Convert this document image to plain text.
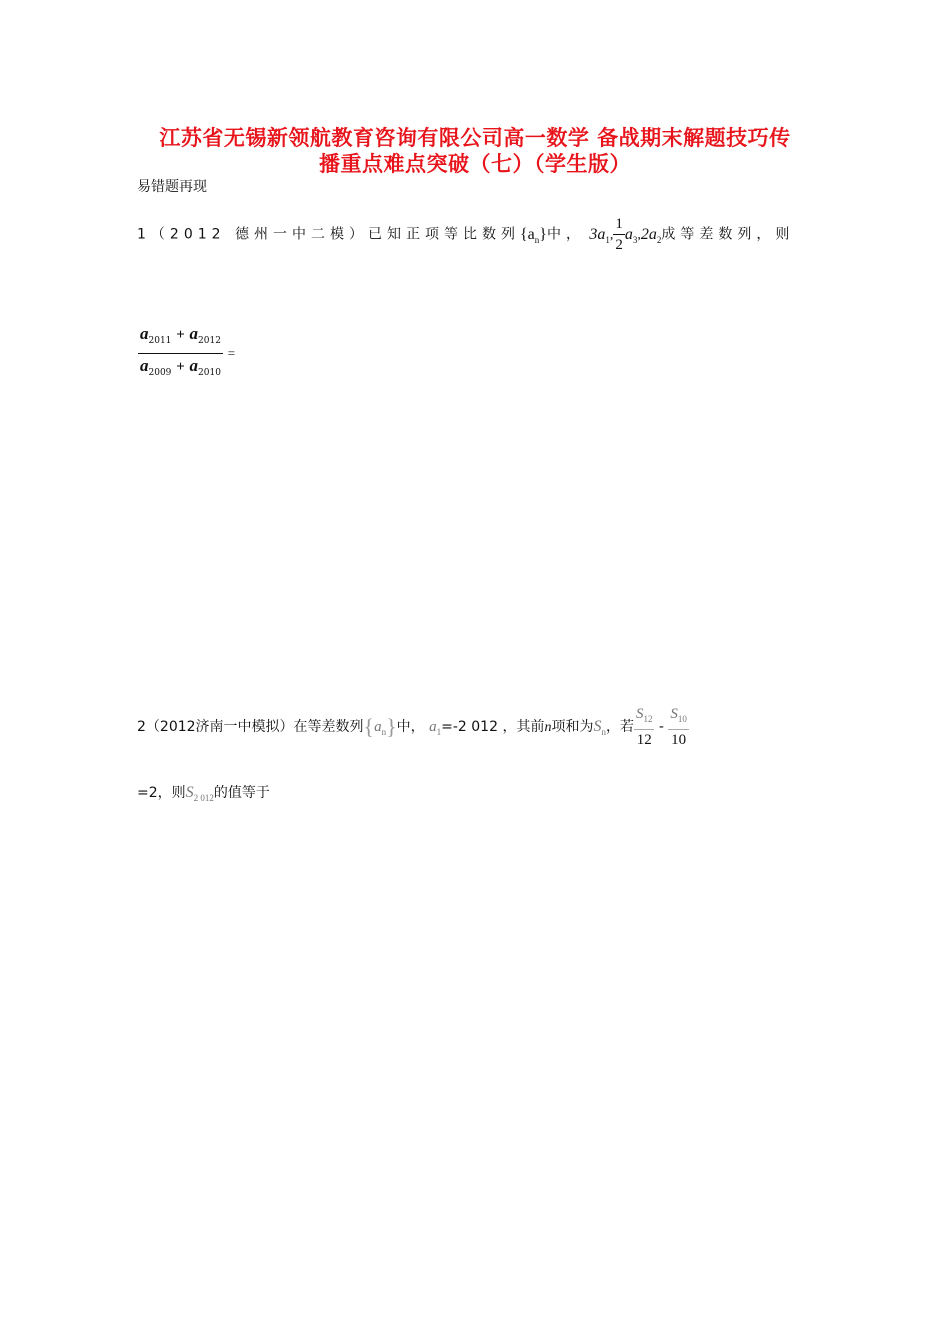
江苏省无锡新领航教育咨询有限公司高一数学 备战期末解题技巧传
播重点难点突破（七）（学生版）
易错题再现
1（2012 德州一中二模）已知正项等比数列$\{a_n\}$中， $3a_1$, $\frac{1}{2} a_3,2a_2$成等差数列，则
$\frac{a_{2011} + a_{2012}}{a_{2009} + a_{2010}}$ =
2（2012济南一中模拟）在等差数列$\{a_n\}$中， $a_1=-2$ 012 ，其前n项和为$S_n$，若 $\frac{S_{12}}{12} - \frac{S_{10}}{10}$
=2，则$S_{2 012}$的值等于
